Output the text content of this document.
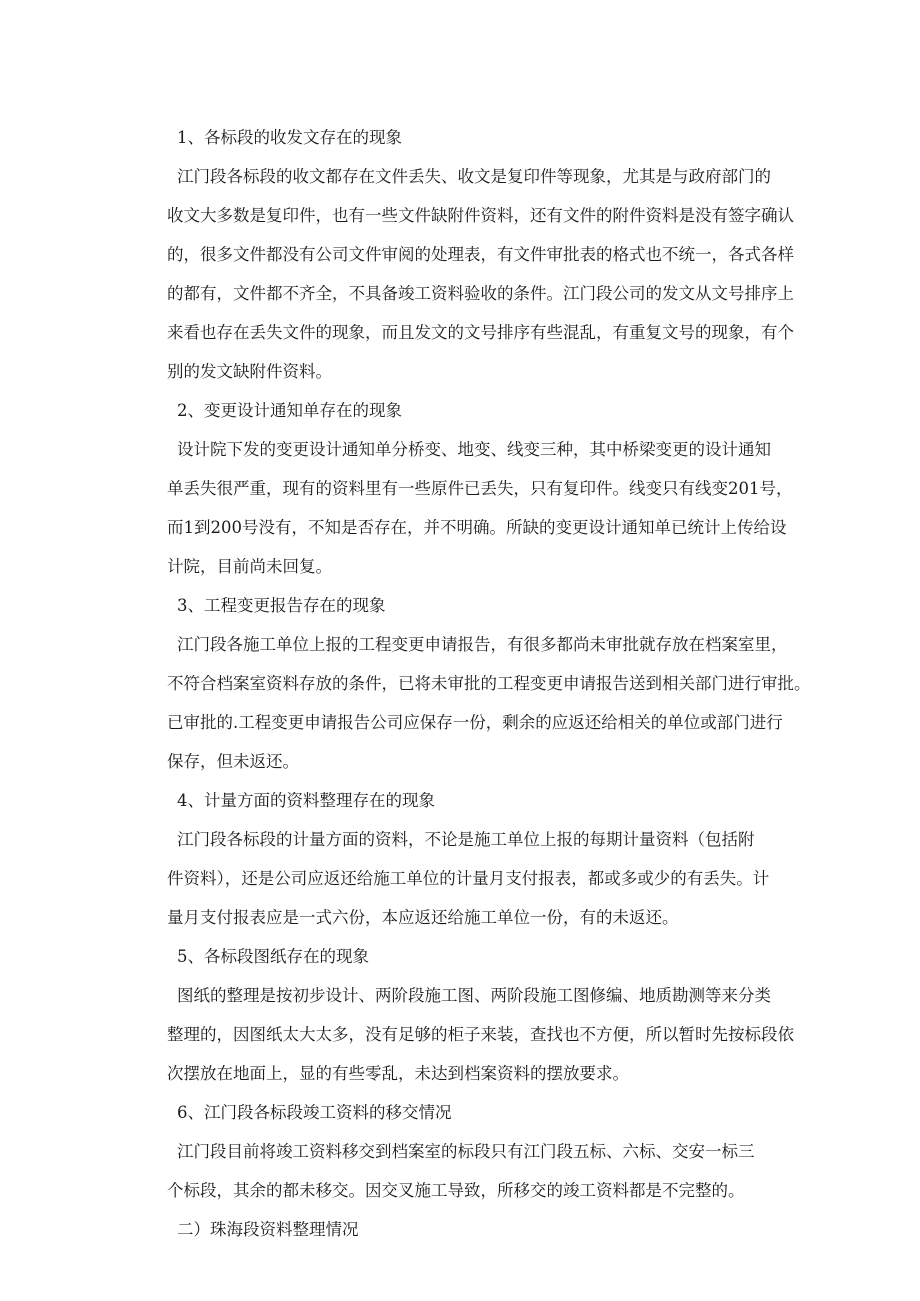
1、各标段的收发文存在的现象

江门段各标段的收文都存在文件丢失、收文是复印件等现象，尤其是与政府部门的
收文大多数是复印件，也有一些文件缺附件资料，还有文件的附件资料是没有签字确认
的，很多文件都没有公司文件审阅的处理表，有文件审批表的格式也不统一，各式各样
的都有，文件都不齐全，不具备竣工资料验收的条件。江门段公司的发文从文号排序上
来看也存在丢失文件的现象，而且发文的文号排序有些混乱，有重复文号的现象，有个
别的发文缺附件资料。

2、变更设计通知单存在的现象

设计院下发的变更设计通知单分桥变、地变、线变三种，其中桥梁变更的设计通知
单丢失很严重，现有的资料里有一些原件已丢失，只有复印件。线变只有线变201号，
而1到200号没有，不知是否存在，并不明确。所缺的变更设计通知单已统计上传给设
计院，目前尚未回复。

3、工程变更报告存在的现象

江门段各施工单位上报的工程变更申请报告，有很多都尚未审批就存放在档案室里，
不符合档案室资料存放的条件，已将未审批的工程变更申请报告送到相关部门进行审批。
已审批的.工程变更申请报告公司应保存一份，剩余的应返还给相关的单位或部门进行
保存，但未返还。

4、计量方面的资料整理存在的现象

江门段各标段的计量方面的资料，不论是施工单位上报的每期计量资料（包括附
件资料），还是公司应返还给施工单位的计量月支付报表，都或多或少的有丢失。计
量月支付报表应是一式六份，本应返还给施工单位一份，有的未返还。

5、各标段图纸存在的现象

图纸的整理是按初步设计、两阶段施工图、两阶段施工图修编、地质勘测等来分类
整理的，因图纸太大太多，没有足够的柜子来装，查找也不方便，所以暂时先按标段依
次摆放在地面上，显的有些零乱，未达到档案资料的摆放要求。

6、江门段各标段竣工资料的移交情况

江门段目前将竣工资料移交到档案室的标段只有江门段五标、六标、交安一标三
个标段，其余的都未移交。因交叉施工导致，所移交的竣工资料都是不完整的。

二）珠海段资料整理情况
